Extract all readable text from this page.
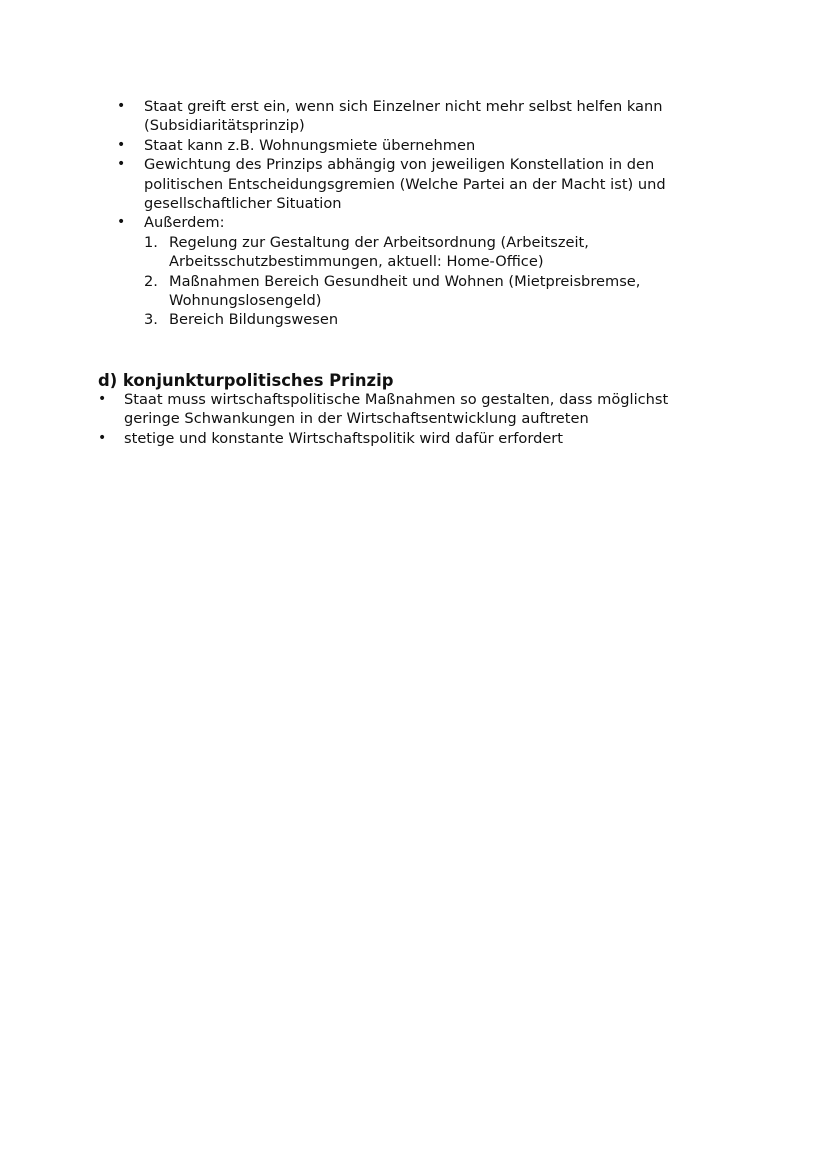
•	Staat greift erst ein, wenn sich Einzelner nicht mehr selbst helfen kann (Subsidiaritätsprinzip)
•	Staat kann z.B. Wohnungsmiete übernehmen
•	Gewichtung des Prinzips abhängig von jeweiligen Konstellation in den politischen Entscheidungsgremien (Welche Partei an der Macht ist) und gesellschaftlicher Situation
•	Außerdem:
1. Regelung zur Gestaltung der Arbeitsordnung (Arbeitszeit, Arbeitsschutzbestimmungen, aktuell: Home-Office)
2. Maßnahmen Bereich Gesundheit und Wohnen (Mietpreisbremse, Wohnungslosengeld)
3. Bereich Bildungswesen
d) konjunkturpolitisches Prinzip
•	Staat muss wirtschaftspolitische Maßnahmen so gestalten, dass möglichst geringe Schwankungen in der Wirtschaftsentwicklung auftreten
•	stetige und konstante Wirtschaftspolitik wird dafür erfordert
